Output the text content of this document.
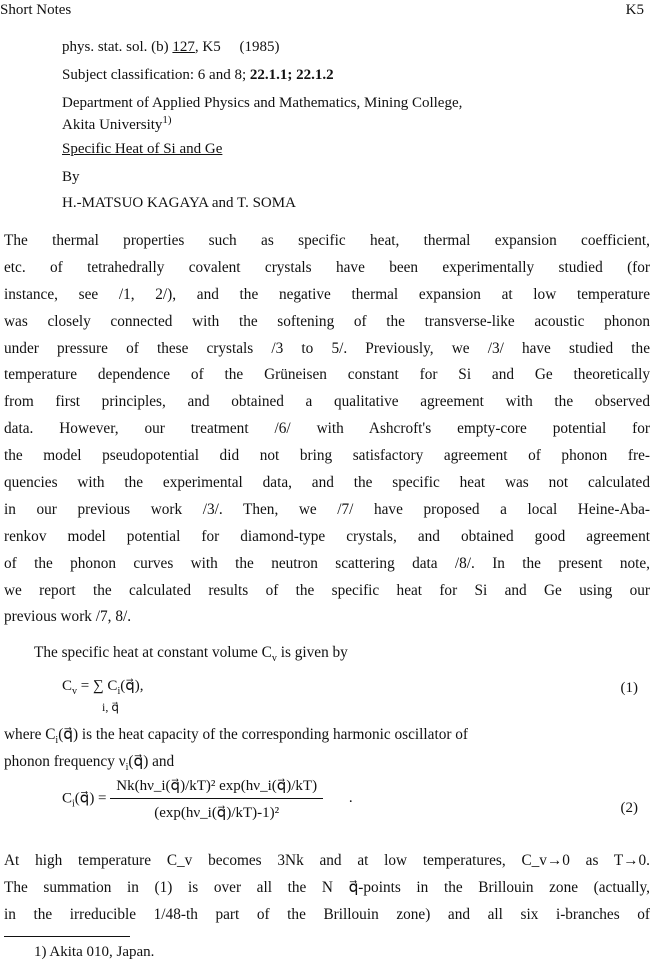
Short Notes	K5
phys. stat. sol. (b) 127, K5     (1985)
Subject classification: 6 and 8; 22.1.1; 22.1.2
Department of Applied Physics and Mathematics, Mining College,
Akita University$^{1)}$
Specific Heat of Si and Ge
By
H.-MATSUO KAGAYA and T. SOMA
The thermal properties such as specific heat, thermal expansion coefficient,
etc. of tetrahedrally covalent crystals have been experimentally studied (for
instance, see /1, 2/), and the negative thermal expansion at low temperature
was closely connected with the softening of the transverse-like acoustic phonon
under pressure of these crystals /3 to 5/. Previously, we /3/ have studied the
temperature dependence of the Grüneisen constant for Si and Ge theoretically
from first principles, and obtained a qualitative agreement with the observed
data. However, our treatment /6/ with Ashcroft's empty-core potential for
the model pseudopotential did not bring satisfactory agreement of phonon fre-
quencies with the experimental data, and the specific heat was not calculated
in our previous work /3/. Then, we /7/ have proposed a local Heine-Aba-
renkov model potential for diamond-type crystals, and obtained good agreement
of the phonon curves with the neutron scattering data /8/. In the present note,
we report the calculated results of the specific heat for Si and Ge using our
previous work /7, 8/.
The specific heat at constant volume $C_v$ is given by
$C_v$ = ∑ $C_i(q⃗)$,
i, q⃗
(1)
where $C_i(q⃗)$ is the heat capacity of the corresponding harmonic oscillator of
phonon frequency $\nu_i(q⃗)$ and
$C_i(q⃗) = \frac{\text{Nk(hν\_i(q⃗)/kT)² exp(hν\_i(q⃗)/kT)}}{\text{(exp(hν\_i(q⃗)/kT)-1)²}}$ .
(2)
At high temperature C_v becomes 3Nk and at low temperatures, C_v→0 as T→0.
The summation in (1) is over all the N q⃗-points in the Brillouin zone (actually,
in the irreducible 1/48-th part of the Brillouin zone) and all six i-branches of
1) Akita 010, Japan.
